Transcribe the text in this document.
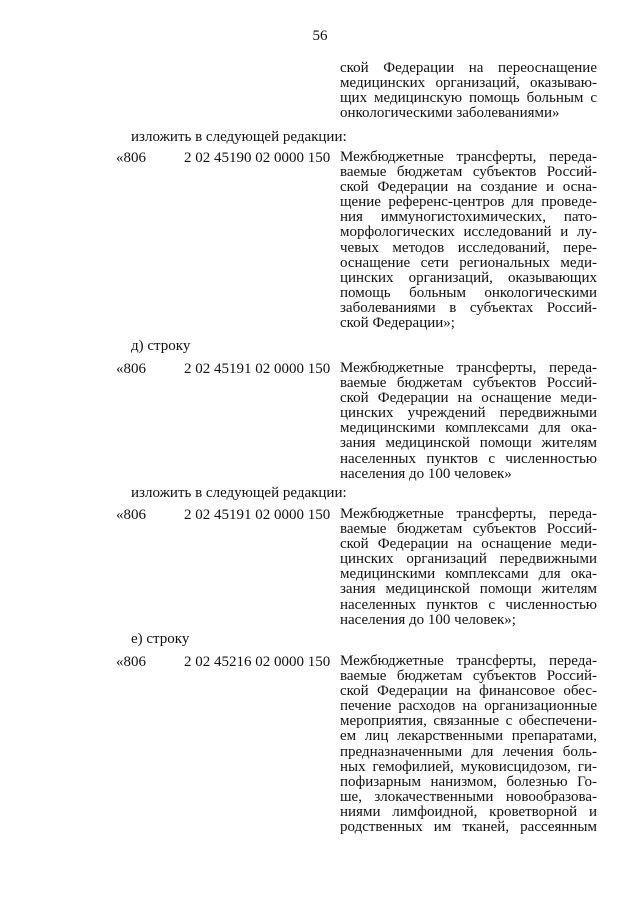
56
ской Федерации на переоснащение
медицинских организаций, оказываю-
щих медицинскую помощь больным с
онкологическими заболеваниями»
изложить в следующей редакции:
«806	2 02 45190 02 0000 150 Межбюджетные трансферты, переда-
ваемые бюджетам субъектов Россий-
ской Федерации на создание и осна-
щение референс-центров для проведе-
ния иммуногистохимических, пато-
морфологических исследований и лу-
чевых методов исследований, пере-
оснащение сети региональных меди-
цинских организаций, оказывающих
помощь больным онкологическими
заболеваниями в субъектах Россий-
ской Федерации»;
д) строку
«806	2 02 45191 02 0000 150 Межбюджетные трансферты, переда-
ваемые бюджетам субъектов Россий-
ской Федерации на оснащение меди-
цинских учреждений передвижными
медицинскими комплексами для ока-
зания медицинской помощи жителям
населенных пунктов с численностью
населения до 100 человек»
изложить в следующей редакции:
«806	2 02 45191 02 0000 150 Межбюджетные трансферты, переда-
ваемые бюджетам субъектов Россий-
ской Федерации на оснащение меди-
цинских организаций передвижными
медицинскими комплексами для ока-
зания медицинской помощи жителям
населенных пунктов с численностью
населения до 100 человек»;
е) строку
«806	2 02 45216 02 0000 150 Межбюджетные трансферты, переда-
ваемые бюджетам субъектов Россий-
ской Федерации на финансовое обес-
печение расходов на организационные
мероприятия, связанные с обеспечени-
ем лиц лекарственными препаратами,
предназначенными для лечения боль-
ных гемофилией, муковисцидозом, ги-
пофизарным нанизмом, болезнью Го-
ше, злокачественными новообразова-
ниями лимфоидной, кроветворной и
родственных им тканей, рассеянным
